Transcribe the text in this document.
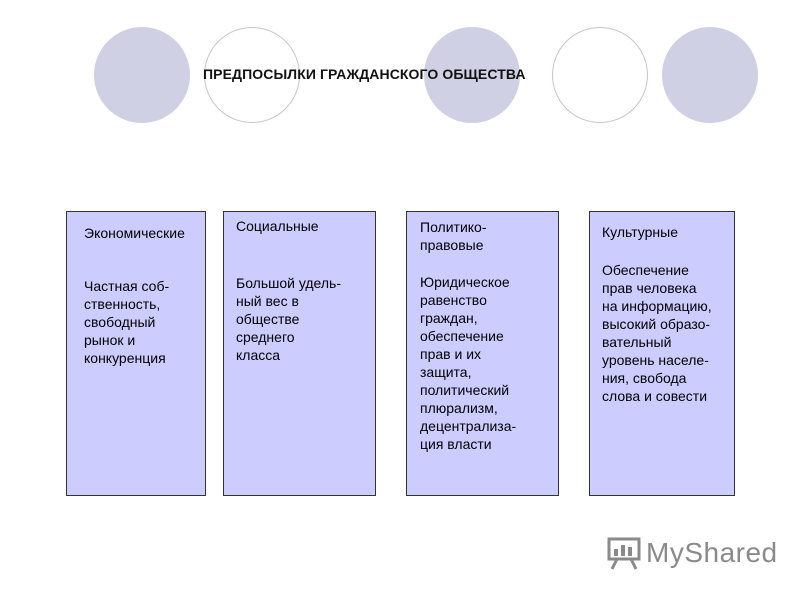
ПРЕДПОСЫЛКИ ГРАЖДАНСКОГО ОБЩЕСТВА
Экономические
Частная соб-
ственность,
свободный
рынок и
конкуренция
Социальные
Большой удель-
ный вес в
обществе
среднего
класса
Политико-
правовые
Юридическое
равенство
граждан,
обеспечение
прав и их
защита,
политический
плюрализм,
децентрализа-
ция власти
Культурные
Обеспечение
прав человека
на информацию,
высокий образо-
вательный
уровень населе-
ния, свобода
слова и совести
MyShared
